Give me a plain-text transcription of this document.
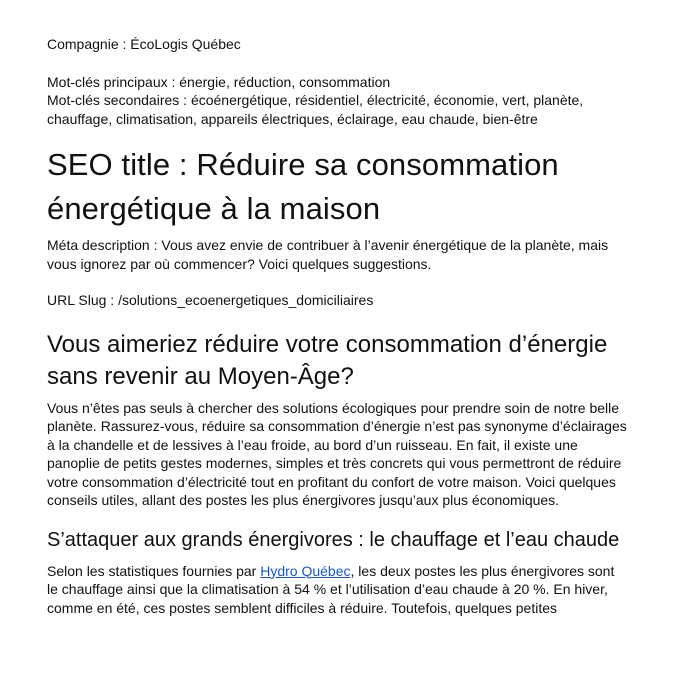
Compagnie : ÉcoLogis Québec

Mot-clés principaux : énergie, réduction, consommation

Mot-clés secondaires : écoénergétique, résidentiel, électricité, économie, vert, planète, chauffage, climatisation, appareils électriques, éclairage, eau chaude, bien-être

SEO title : Réduire sa consommation énergétique à la maison

Méta description : Vous avez envie de contribuer à l’avenir énergétique de la planète, mais vous ignorez par où commencer? Voici quelques suggestions.

URL Slug : /solutions_ecoenergetiques_domiciliaires

Vous aimeriez réduire votre consommation d’énergie sans revenir au Moyen-Âge?

Vous n’êtes pas seuls à chercher des solutions écologiques pour prendre soin de notre belle planète. Rassurez-vous, réduire sa consommation d’énergie n’est pas synonyme d’éclairages à la chandelle et de lessives à l’eau froide, au bord d’un ruisseau. En fait, il existe une panoplie de petits gestes modernes, simples et très concrets qui vous permettront de réduire votre consommation d’électricité tout en profitant du confort de votre maison. Voici quelques conseils utiles, allant des postes les plus énergivores jusqu’aux plus économiques.

S’attaquer aux grands énergivores : le chauffage et l’eau chaude

Selon les statistiques fournies par Hydro Québec, les deux postes les plus énergivores sont le chauffage ainsi que la climatisation à 54 % et l’utilisation d’eau chaude à 20 %. En hiver, comme en été, ces postes semblent difficiles à réduire. Toutefois, quelques petites
